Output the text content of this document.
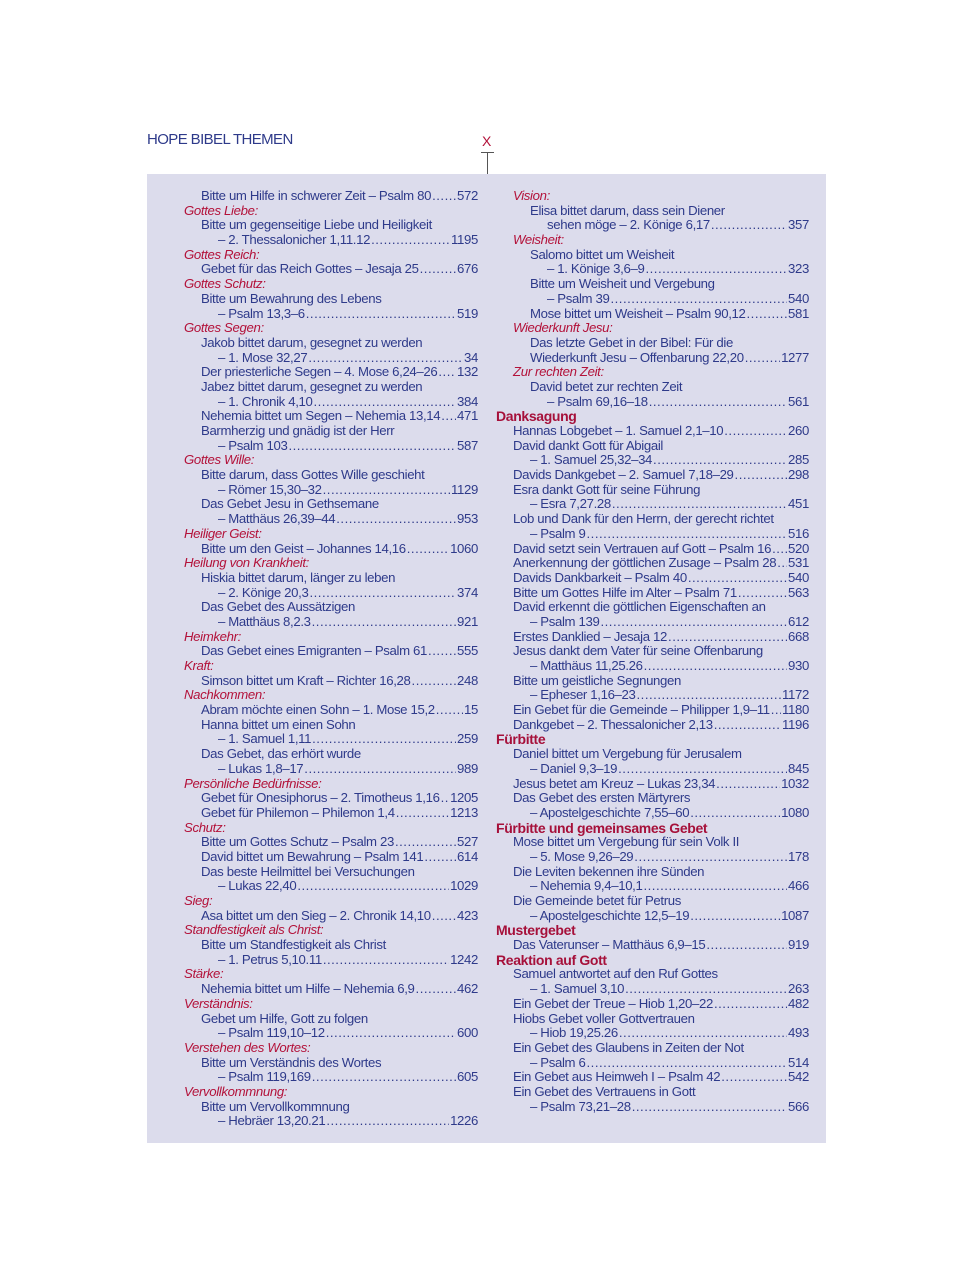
HOPE BIBEL THEMEN	X
Bitte um Hilfe in schwerer Zeit – Psalm 80 ..... 572
Gottes Liebe:
Bitte um gegenseitige Liebe und Heiligkeit
– 2. Thessalonicher 1,11.12 .....	1195
Gottes Reich:
Gebet für das Reich Gottes – Jesaja 25 .....	676
Gottes Schutz:
Bitte um Bewahrung des Lebens
– Psalm 13,3–6 .....	519
Gottes Segen:
Jakob bittet darum, gesegnet zu werden
– 1. Mose 32,27 .....	34
Der priesterliche Segen – 4. Mose 6,24–26 ..... 132
Jabez bittet darum, gesegnet zu werden
– 1. Chronik 4,10 .....	384
Nehemia bittet um Segen – Nehemia 13,14 ..... 471
Barmherzig und gnädig ist der Herr
– Psalm 103 .....	587
Gottes Wille:
Bitte darum, dass Gottes Wille geschieht
– Römer 15,30–32 .....	1129
Das Gebet Jesu in Gethsemane
– Matthäus 26,39–44 .....	953
Heiliger Geist:
Bitte um den Geist – Johannes 14,16 .....	1060
Heilung von Krankheit:
Hiskia bittet darum, länger zu leben
– 2. Könige 20,3 .....	374
Das Gebet des Aussätzigen
– Matthäus 8,2.3 .....	921
Heimkehr:
Das Gebet eines Emigranten – Psalm 61 ..... 555
Kraft:
Simson bittet um Kraft – Richter 16,28 .....	248
Nachkommen:
Abram möchte einen Sohn – 1. Mose 15,2 ..... 15
Hanna bittet um einen Sohn
– 1. Samuel 1,11 .....	259
Das Gebet, das erhört wurde
– Lukas 1,8–17 .....	989
Persönliche Bedürfnisse:
Gebet für Onesiphorus – 2. Timotheus 1,16 ..... 1205
Gebet für Philemon – Philemon 1,4 .....	1213
Schutz:
Bitte um Gottes Schutz – Psalm 23 .....	527
David bittet um Bewahrung – Psalm 141 .....	614
Das beste Heilmittel bei Versuchungen
– Lukas 22,40 .....	1029
Sieg:
Asa bittet um den Sieg – 2. Chronik 14,10 ..... 423
Standfestigkeit als Christ:
Bitte um Standfestigkeit als Christ
– 1. Petrus 5,10.11 .....	1242
Stärke:
Nehemia bittet um Hilfe – Nehemia 6,9 .....	462
Verständnis:
Gebet um Hilfe, Gott zu folgen
– Psalm 119,10–12 .....	600
Verstehen des Wortes:
Bitte um Verständnis des Wortes
– Psalm 119,169 .....	605
Vervollkommnung:
Bitte um Vervollkommnung
– Hebräer 13,20.21 .....	1226
Vision:
Elisa bittet darum, dass sein Diener
sehen möge – 2. Könige 6,17 .....	357
Weisheit:
Salomo bittet um Weisheit
– 1. Könige 3,6–9 .....	323
Bitte um Weisheit und Vergebung
– Psalm 39 .....	540
Mose bittet um Weisheit – Psalm 90,12 .....	581
Wiederkunft Jesu:
Das letzte Gebet in der Bibel: Für die
Wiederkunft Jesu – Offenbarung 22,20 .....	1277
Zur rechten Zeit:
David betet zur rechten Zeit
– Psalm 69,16–18 .....	561
Danksagung
Hannas Lobgebet – 1. Samuel 2,1–10 .....	260
David dankt Gott für Abigail
– 1. Samuel 25,32–34 .....	285
Davids Dankgebet – 2. Samuel 7,18–29 .....	298
Esra dankt Gott für seine Führung
– Esra 7,27.28 .....	451
Lob und Dank für den Herrn, der gerecht richtet
– Psalm 9 .....	516
David setzt sein Vertrauen auf Gott – Psalm 16 ..... 520
Anerkennung der göttlichen Zusage – Psalm 28 ..... 531
Davids Dankbarkeit – Psalm 40 .....	540
Bitte um Gottes Hilfe im Alter – Psalm 71 .....	563
David erkennt die göttlichen Eigenschaften an
– Psalm 139 .....	612
Erstes Danklied – Jesaja 12 .....	668
Jesus dankt dem Vater für seine Offenbarung
– Matthäus 11,25.26 .....	930
Bitte um geistliche Segnungen
– Epheser 1,16–23 .....	1172
Ein Gebet für die Gemeinde – Philipper 1,9–11 ..... 1180
Dankgebet – 2. Thessalonicher 2,13 .....	1196
Fürbitte
Daniel bittet um Vergebung für Jerusalem
– Daniel 9,3–19 .....	845
Jesus betet am Kreuz – Lukas 23,34 .....	1032
Das Gebet des ersten Märtyrers
– Apostelgeschichte 7,55–60 .....	1080
Fürbitte und gemeinsames Gebet
Mose bittet um Vergebung für sein Volk II
– 5. Mose 9,26–29 .....	178
Die Leviten bekennen ihre Sünden
– Nehemia 9,4–10,1 .....	466
Die Gemeinde betet für Petrus
– Apostelgeschichte 12,5–19 .....	1087
Mustergebet
Das Vaterunser – Matthäus 6,9–15 .....	919
Reaktion auf Gott
Samuel antwortet auf den Ruf Gottes
– 1. Samuel 3,10 .....	263
Ein Gebet der Treue – Hiob 1,20–22 .....	482
Hiobs Gebet voller Gottvertrauen
– Hiob 19,25.26 .....	493
Ein Gebet des Glaubens in Zeiten der Not
– Psalm 6 .....	514
Ein Gebet aus Heimweh I – Psalm 42 .....	542
Ein Gebet des Vertrauens in Gott
– Psalm 73,21–28 .....	566
